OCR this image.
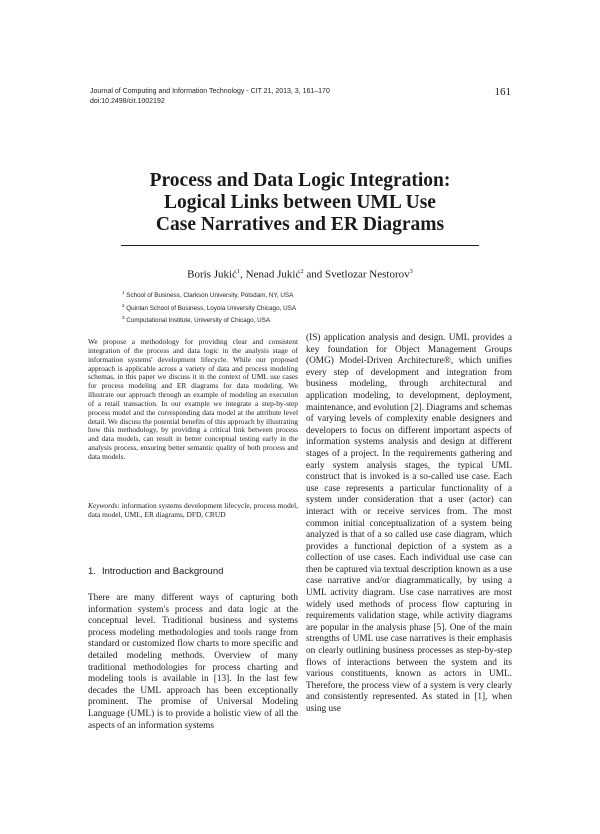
Journal of Computing and Information Technology - CIT 21, 2013, 3, 161–170
doi:10.2498/cit.1002192
161
Process and Data Logic Integration:
Logical Links between UML Use
Case Narratives and ER Diagrams
Boris Jukić$^1$, Nenad Jukić$^2$ and Svetlozar Nestorov$^3$
$^1$ School of Business, Clarkson University, Potsdam, NY, USA
$^2$ Quinlan School of Business, Loyola University Chicago, USA
$^3$ Computational Institute, University of Chicago, USA

We propose a methodology for providing clear and consistent integration of the process and data logic in the analysis stage of information systems' development lifecycle. While our proposed approach is applicable across a variety of data and process modeling schemas, in this paper we discuss it in the context of UML use cases for process modeling and ER diagrams for data modeling. We illustrate our approach through an example of modeling an execution of a retail transaction. In our example we integrate a step-by-step process model and the corresponding data model at the attribute level detail. We discuss the potential benefits of this approach by illustrating how this methodology, by providing a critical link between process and data models, can result in better conceptual testing early in the analysis process, ensuring better semantic quality of both process and data models.

Keywords: information systems development lifecycle, process model, data model, UML, ER diagrams, DFD, CRUD

1. Introduction and Background

There are many different ways of capturing both information system's process and data logic at the conceptual level. Traditional business and systems process modeling methodologies and tools range from standard or customized flow charts to more specific and detailed modeling methods. Overview of many traditional methodologies for process charting and modeling tools is available in [13]. In the last few decades the UML approach has been exceptionally prominent. The promise of Universal Modeling Language (UML) is to provide a holistic view of all the aspects of an information systems

(IS) application analysis and design. UML provides a key foundation for Object Management Groups (OMG) Model-Driven Architecture®, which unifies every step of development and integration from business modeling, through architectural and application modeling, to development, deployment, maintenance, and evolution [2]. Diagrams and schemas of varying levels of complexity enable designers and developers to focus on different important aspects of information systems analysis and design at different stages of a project. In the requirements gathering and early system analysis stages, the typical UML construct that is invoked is a so-called use case. Each use case represents a particular functionality of a system under consideration that a user (actor) can interact with or receive services from. The most common initial conceptualization of a system being analyzed is that of a so called use case diagram, which provides a functional depiction of a system as a collection of use cases. Each individual use case can then be captured via textual description known as a use case narrative and/or diagrammatically, by using a UML activity diagram. Use case narratives are most widely used methods of process flow capturing in requirements validation stage, while activity diagrams are popular in the analysis phase [5]. One of the main strengths of UML use case narratives is their emphasis on clearly outlining business processes as step-by-step flows of interactions between the system and its various constituents, known as actors in UML. Therefore, the process view of a system is very clearly and consistently represented. As stated in [1], when using use
